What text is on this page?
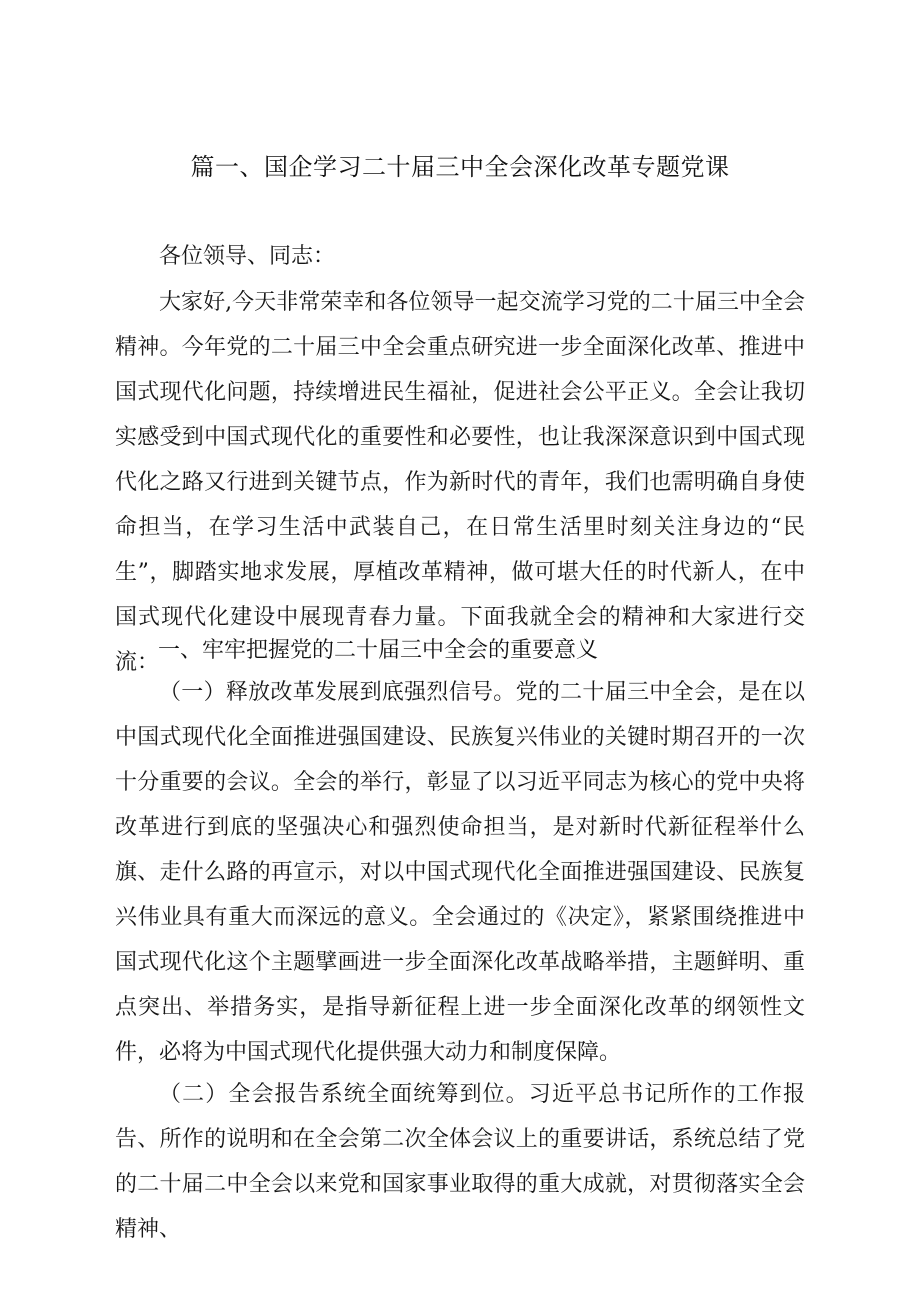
篇一、国企学习二十届三中全会深化改革专题党课

各位领导、同志：

大家好,今天非常荣幸和各位领导一起交流学习党的二十届三中全会精神。今年党的二十届三中全会重点研究进一步全面深化改革、推进中国式现代化问题，持续增进民生福祉，促进社会公平正义。全会让我切实感受到中国式现代化的重要性和必要性，也让我深深意识到中国式现代化之路又行进到关键节点，作为新时代的青年，我们也需明确自身使命担当，在学习生活中武装自己，在日常生活里时刻关注身边的“民生”，脚踏实地求发展，厚植改革精神，做可堪大任的时代新人，在中国式现代化建设中展现青春力量。下面我就全会的精神和大家进行交流：

一、牢牢把握党的二十届三中全会的重要意义

（一）释放改革发展到底强烈信号。党的二十届三中全会，是在以中国式现代化全面推进强国建设、民族复兴伟业的关键时期召开的一次十分重要的会议。全会的举行，彰显了以习近平同志为核心的党中央将改革进行到底的坚强决心和强烈使命担当，是对新时代新征程举什么旗、走什么路的再宣示，对以中国式现代化全面推进强国建设、民族复兴伟业具有重大而深远的意义。全会通过的《决定》，紧紧围绕推进中国式现代化这个主题擘画进一步全面深化改革战略举措，主题鲜明、重点突出、举措务实，是指导新征程上进一步全面深化改革的纲领性文件，必将为中国式现代化提供强大动力和制度保障。

（二）全会报告系统全面统筹到位。习近平总书记所作的工作报告、所作的说明和在全会第二次全体会议上的重要讲话，系统总结了党的二十届二中全会以来党和国家事业取得的重大成就，对贯彻落实全会精神、
